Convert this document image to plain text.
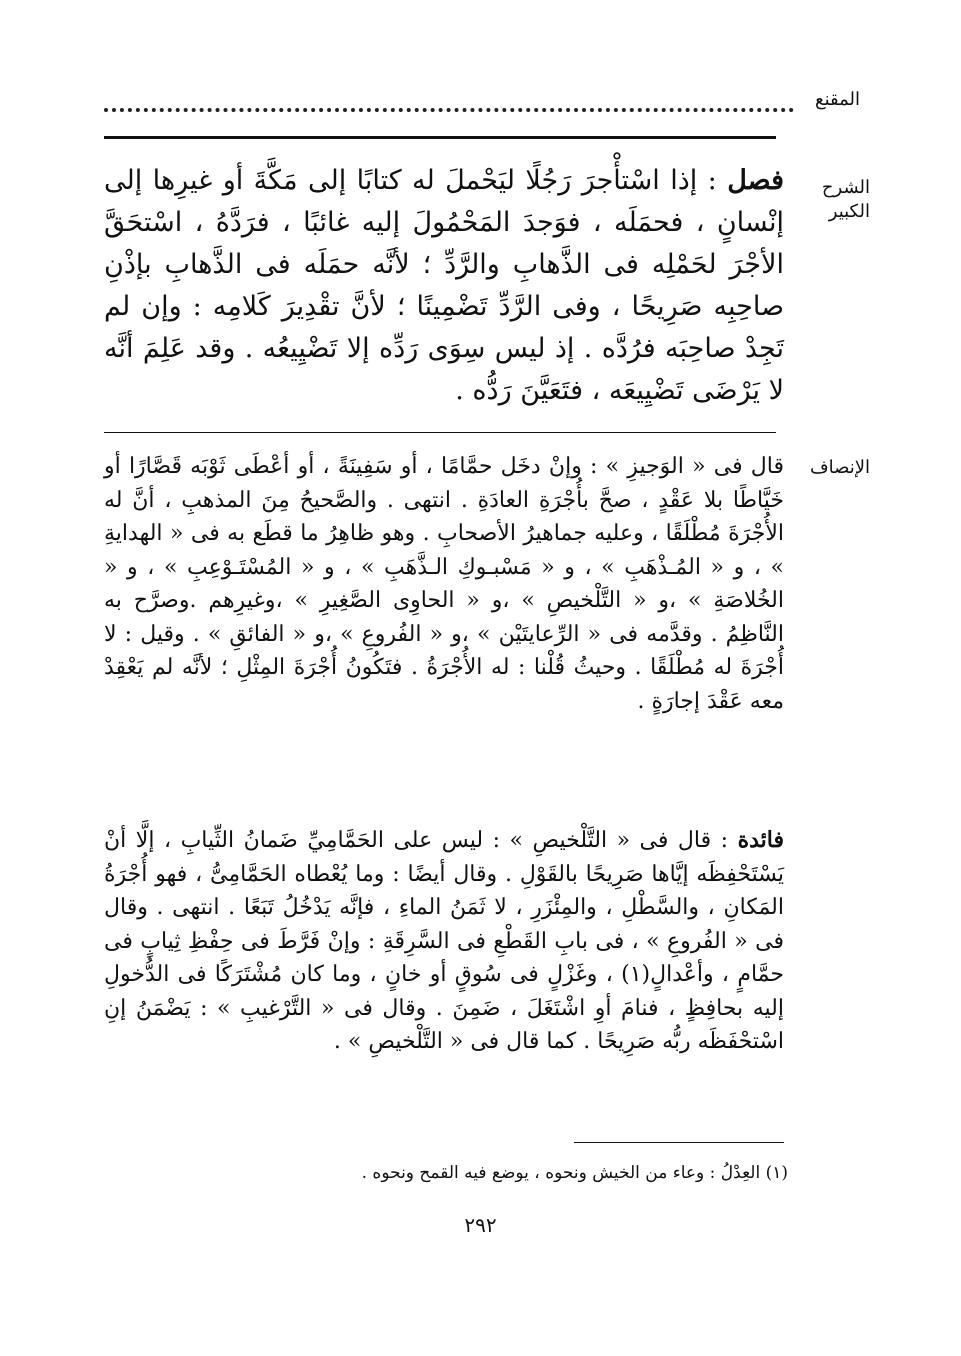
المقنع
الشرح الكبير

فصل : إذا اسْتأْجرَ رَجُلًا ليَحْملَ له كتابًا إلى مَكَّةَ أو غيرِها إلى إنْسانٍ ، فحمَلَه ، فوَجدَ المَحْمُولَ إليه غائبًا ، فرَدَّهُ ، اسْتحَقَّ الأجْرَ لحَمْلِه فى الذَّهابِ والرَّدِّ ؛ لأنَّه حمَلَه فى الذَّهابِ بإذْنِ صاحِبِه صَرِيحًا ، وفى الرَّدِّ تَضْمِينًا ؛ لأنَّ تقْدِيرَ كَلامِه : وإن لم تَجِدْ صاحِبَه فرُدَّه . إذ ليس سِوَى رَدِّه إلا تَضْيِيعُه . وقد عَلِمَ أنَّه لا يَرْضَى تَضْيِيعَه ، فتَعَيَّنَ رَدُّه .

الإنصاف

قال فى « الوَجيزِ » : وإنْ دخَل حمَّامًا ، أو سَفِينَةً ، أو أعْطَى ثَوْبَه قَصَّارًا أو خَيَّاطًا بلا عَقْدٍ ، صحَّ بأُجْرَةِ العادَةِ . انتهى . والصَّحيحُ مِنَ المذهبِ ، أنَّ له الأُجْرَةَ مُطْلَقًا ، وعليه جماهيرُ الأصحابِ . وهو ظاهِرُ ما قطَع به فى « الهدايةِ » ، و « المُـذْهَبِ » ، و « مَسْبـوكِ الـذَّهَبِ » ، و « المُسْتَـوْعِبِ » ، و « الخُلاصَةِ » ،و « التَّلْخيصِ » ،و « الحاوِى الصَّغِيرِ » ،وغيرِهم .وصرَّح به النَّاظِمُ . وقدَّمه فى « الرِّعايتَيْن » ،و « الفُروعِ » ،و « الفائقِ » . وقيل : لا أُجْرَةَ له مُطْلَقًا . وحيثُ قُلْنا : له الأُجْرَةُ . فتَكُونُ أُجْرَةَ المِثْلِ ؛ لأنَّه لم يَعْقِدْ معه عَقْدَ إجارَةٍ .

فائدة : قال فى « التَّلْخيصِ » : ليس على الحَمَّامِيِّ ضَمانُ الثِّيابِ ، إلَّا أنْ يَسْتَحْفِظَه إيَّاها صَرِيحًا بالقَوْلِ . وقال أيضًا : وما يُعْطاه الحَمَّامِىُّ ، فهو أُجْرَةُ المَكانِ ، والسَّطْلِ ، والمِئْزَرِ ، لا ثَمَنُ الماءِ ، فإنَّه يَدْخُلُ تَبَعًا . انتهى . وقال فى « الفُروعِ » ، فى بابِ القَطْعِ فى السَّرِقَةِ : وإنْ فَرَّطَ فى حِفْظِ ثِيابٍ فى حمَّامٍ ، وأعْدالٍ(١) ، وغَزْلٍ فى سُوقٍ أو خانٍ ، وما كان مُشْتَرَكًا فى الدُّخولِ إليه بحافِظٍ ، فنامَ أوِ اشْتَغَلَ ، ضَمِنَ . وقال فى « التَّرْغيبِ » : يَضْمَنُ إنِ اسْتحْفَظَه ربُّه صَرِيحًا . كما قال فى « التَّلْخيصِ » .

(١) العِدْلُ : وعاء من الخيش ونحوه ، يوضع فيه القمح ونحوه .
٢٩٢
